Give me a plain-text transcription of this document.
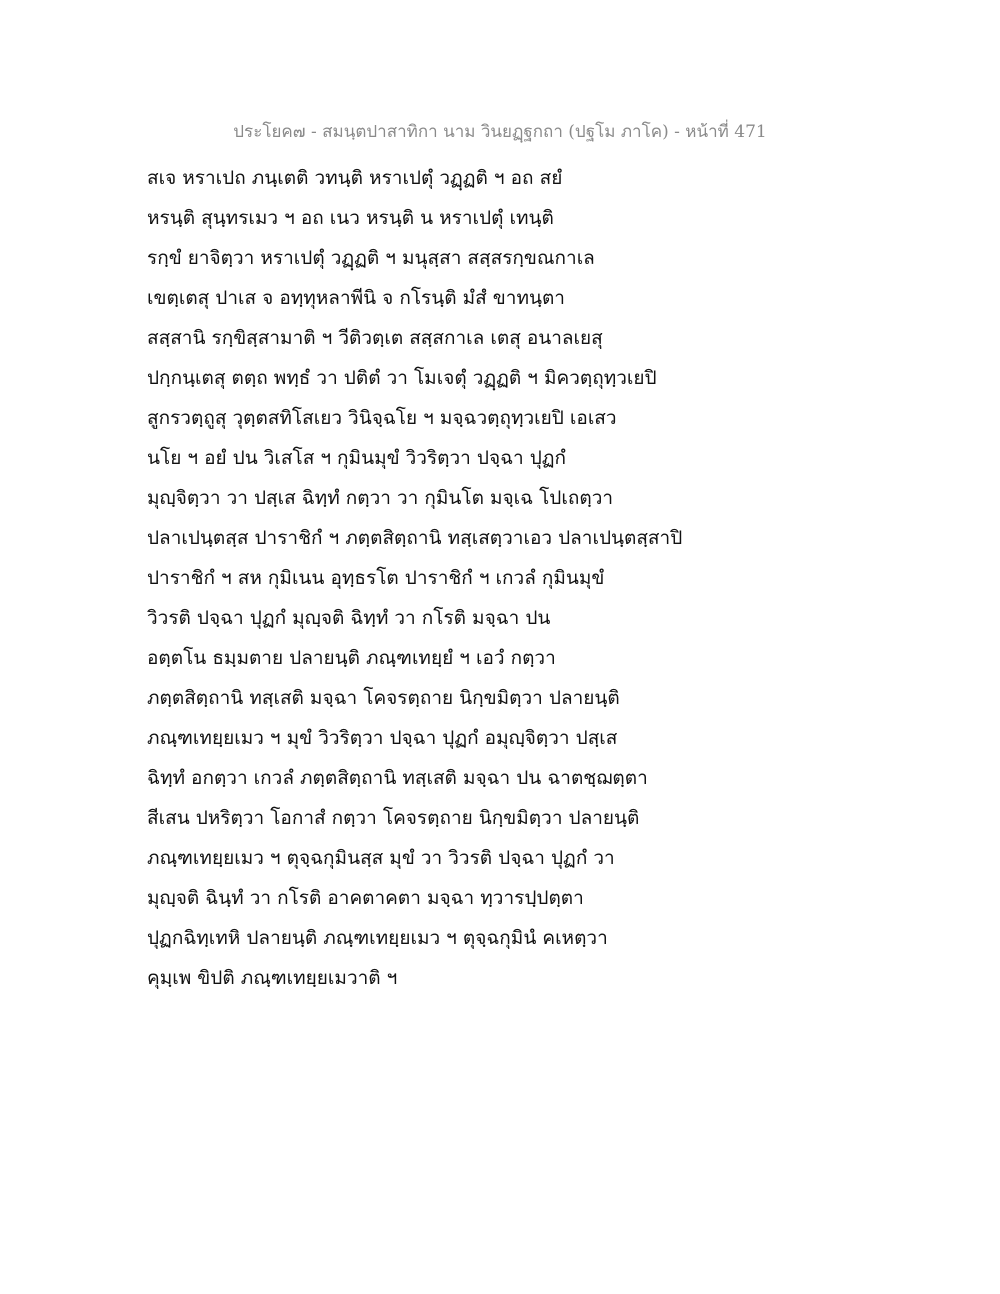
ประโยค๗ - สมนฺตปาสาทิกา นาม วินยฏฺฐกถา (ปฐโม ภาโค) - หน้าที่ 471
สเจ หราเปถ ภนฺเตติ วทนฺติ หราเปตุํ วฏฺฏติ ฯ อถ สยํ
หรนฺติ สุนฺทรเมว ฯ อถ เนว หรนฺติ น หราเปตุํ เทนฺติ
รกฺขํ ยาจิตฺวา หราเปตุํ วฏฺฏติ ฯ มนุสฺสา สสฺสรกฺขณกาเล
เขตฺเตสุ ปาเส จ อทฺทุหลาพีนิ จ กโรนฺติ มํสํ ขาทนฺตา
สสฺสานิ รกฺขิสฺสามาติ ฯ วีติวตฺเต สสฺสกาเล เตสุ อนาลเยสุ
ปกฺกนฺเตสุ ตตฺถ พทฺธํ วา ปติตํ วา โมเจตุํ วฏฺฏติ ฯ มิควตฺถุทฺวเยปิ
สูกรวตฺถูสุ วุตฺตสทิโสเยว วินิจฺฉโย ฯ มจฺฉวตฺถุทฺวเยปิ เอเสว
นโย ฯ อยํ ปน วิเสโส ฯ กุมินมุขํ วิวริตฺวา ปจฺฉา ปุฏกํ
มุญฺจิตฺวา วา ปสฺเส ฉิทฺทํ กตฺวา วา กุมินโต มจฺเฉ โปเถตฺวา
ปลาเปนฺตสฺส ปาราชิกํ ฯ ภตฺตสิตฺถานิ ทสฺเสตฺวาเอว ปลาเปนฺตสฺสาปิ
ปาราชิกํ ฯ สห กุมิเนน อุทฺธรโต ปาราชิกํ ฯ เกวลํ กุมินมุขํ
วิวรติ ปจฺฉา ปุฏกํ มุญฺจติ ฉิทฺทํ วา กโรติ มจฺฉา ปน
อตฺตโน ธมฺมตาย ปลายนฺติ ภณฺฑเทยฺยํ ฯ เอวํ กตฺวา
ภตฺตสิตฺถานิ ทสฺเสติ มจฺฉา โคจรตฺถาย นิกฺขมิตฺวา ปลายนฺติ
ภณฺฑเทยฺยเมว ฯ มุขํ วิวริตฺวา ปจฺฉา ปุฏกํ อมุญฺจิตฺวา ปสฺเส
ฉิทฺทํ อกตฺวา เกวลํ ภตฺตสิตฺถานิ ทสฺเสติ มจฺฉา ปน ฉาตชฺฌตฺตา
สีเสน ปหริตฺวา โอกาสํ กตฺวา โคจรตฺถาย นิกฺขมิตฺวา ปลายนฺติ
ภณฺฑเทยฺยเมว ฯ ตุจฺฉกุมินสฺส มุขํ วา วิวรติ ปจฺฉา ปุฏกํ วา
มุญฺจติ ฉินฺทํ วา กโรติ อาคตาคตา มจฺฉา ทฺวารปฺปตฺตา
ปุฏกฉิทฺเทหิ ปลายนฺติ ภณฺฑเทยฺยเมว ฯ ตุจฺฉกุมินํ คเหตฺวา
คุมฺเพ ขิปติ ภณฺฑเทยฺยเมวาติ ฯ
